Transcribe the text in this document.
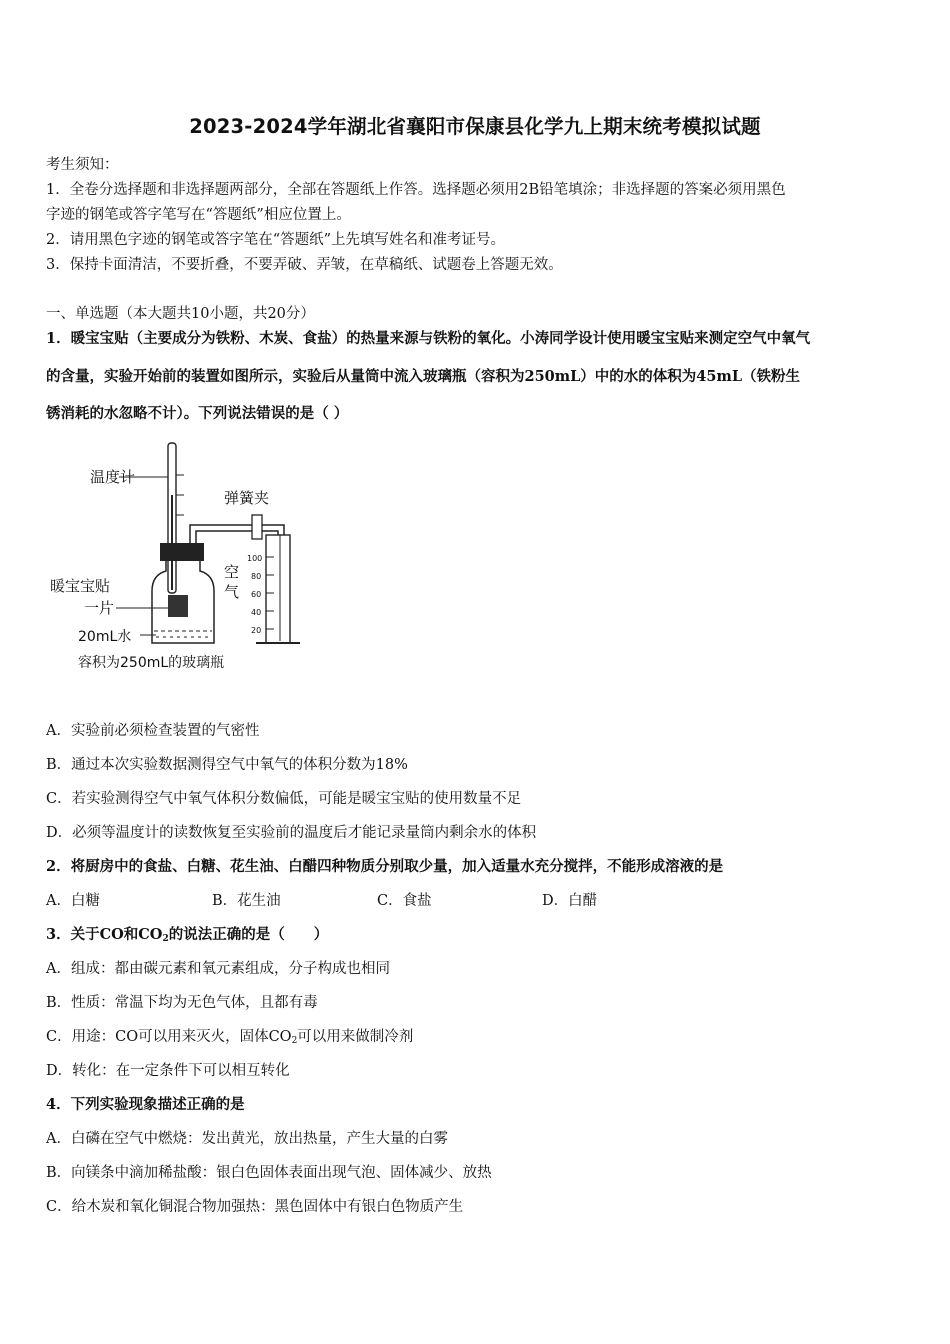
2023-2024学年湖北省襄阳市保康县化学九上期末统考模拟试题
考生须知：
1．全卷分选择题和非选择题两部分，全部在答题纸上作答。选择题必须用2B铅笔填涂；非选择题的答案必须用黑色
字迹的钢笔或答字笔写在“答题纸”相应位置上。
2．请用黑色字迹的钢笔或答字笔在“答题纸”上先填写姓名和准考证号。
3．保持卡面清洁，不要折叠，不要弄破、弄皱，在草稿纸、试题卷上答题无效。
一、单选题（本大题共10小题，共20分）
1．暖宝宝贴（主要成分为铁粉、木炭、食盐）的热量来源与铁粉的氧化。小涛同学设计使用暖宝宝贴来测定空气中氧气
的含量，实验开始前的装置如图所示，实验后从量筒中流入玻璃瓶（容积为250mL）中的水的体积为45mL（铁粉生
锈消耗的水忽略不计）。下列说法错误的是（ ）
温度计
弹簧夹
100
80
60
40
20
空
气
暖宝宝贴
一片
20mL水
容积为250mL的玻璃瓶
A．实验前必须检查装置的气密性
B．通过本次实验数据测得空气中氧气的体积分数为18%
C．若实验测得空气中氧气体积分数偏低，可能是暖宝宝贴的使用数量不足
D．必须等温度计的读数恢复至实验前的温度后才能记录量筒内剩余水的体积
2．将厨房中的食盐、白糖、花生油、白醋四种物质分别取少量，加入适量水充分搅拌，不能形成溶液的是
A．白糖	B．花生油	C．食盐	D．白醋
3．关于CO和$CO_2$的说法正确的是（　　）
A．组成：都由碳元素和氧元素组成，分子构成也相同
B．性质：常温下均为无色气体，且都有毒
C．用途：CO可以用来灭火，固体$CO_2$可以用来做制冷剂
D．转化：在一定条件下可以相互转化
4．下列实验现象描述正确的是
A．白磷在空气中燃烧：发出黄光，放出热量，产生大量的白雾
B．向镁条中滴加稀盐酸：银白色固体表面出现气泡、固体减少、放热
C．给木炭和氧化铜混合物加强热：黑色固体中有银白色物质产生
